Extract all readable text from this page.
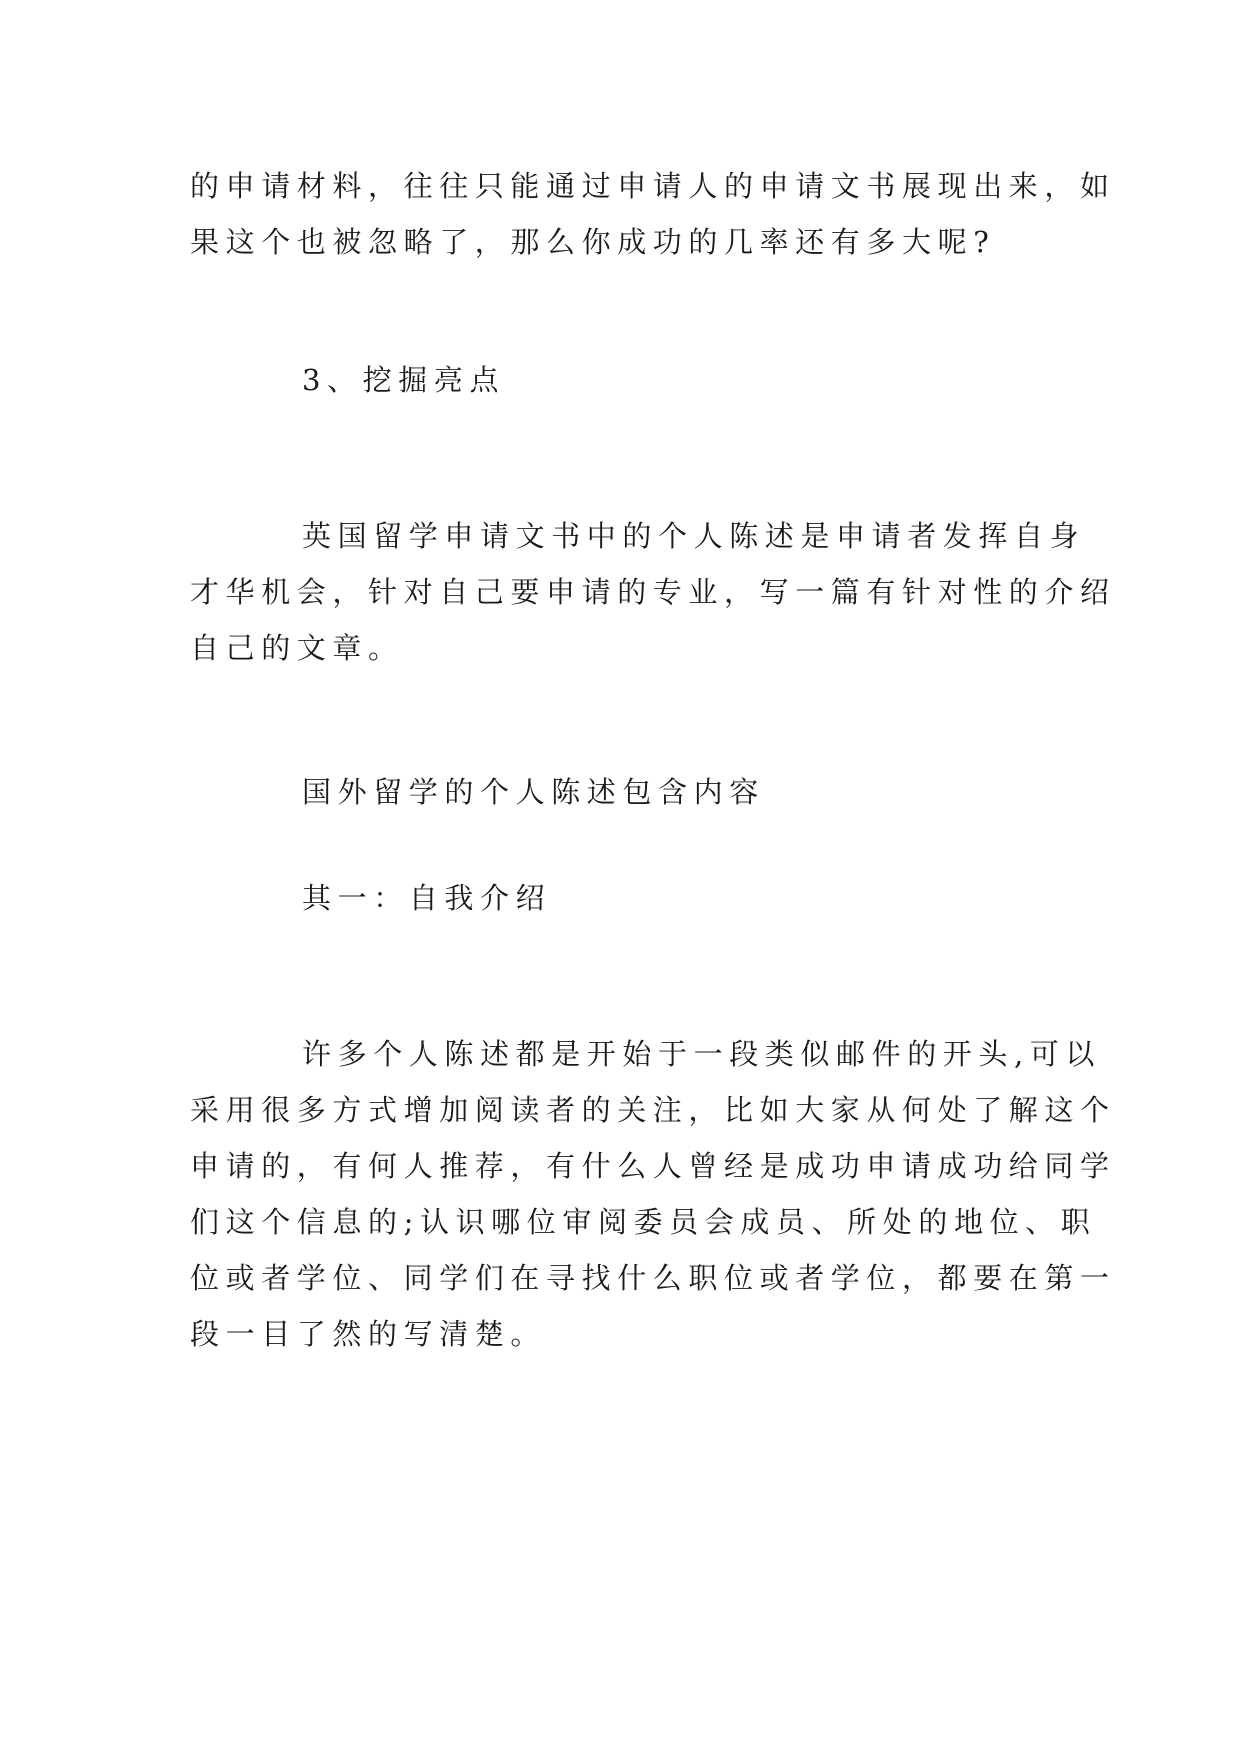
的申请材料，往往只能通过申请人的申请文书展现出来，如
果这个也被忽略了，那么你成功的几率还有多大呢?
3、挖掘亮点
英国留学申请文书中的个人陈述是申请者发挥自身
才华机会，针对自己要申请的专业，写一篇有针对性的介绍
自己的文章。
国外留学的个人陈述包含内容
其一：自我介绍
许多个人陈述都是开始于一段类似邮件的开头,可以
采用很多方式增加阅读者的关注，比如大家从何处了解这个
申请的，有何人推荐，有什么人曾经是成功申请成功给同学
们这个信息的;认识哪位审阅委员会成员、所处的地位、职
位或者学位、同学们在寻找什么职位或者学位，都要在第一
段一目了然的写清楚。
